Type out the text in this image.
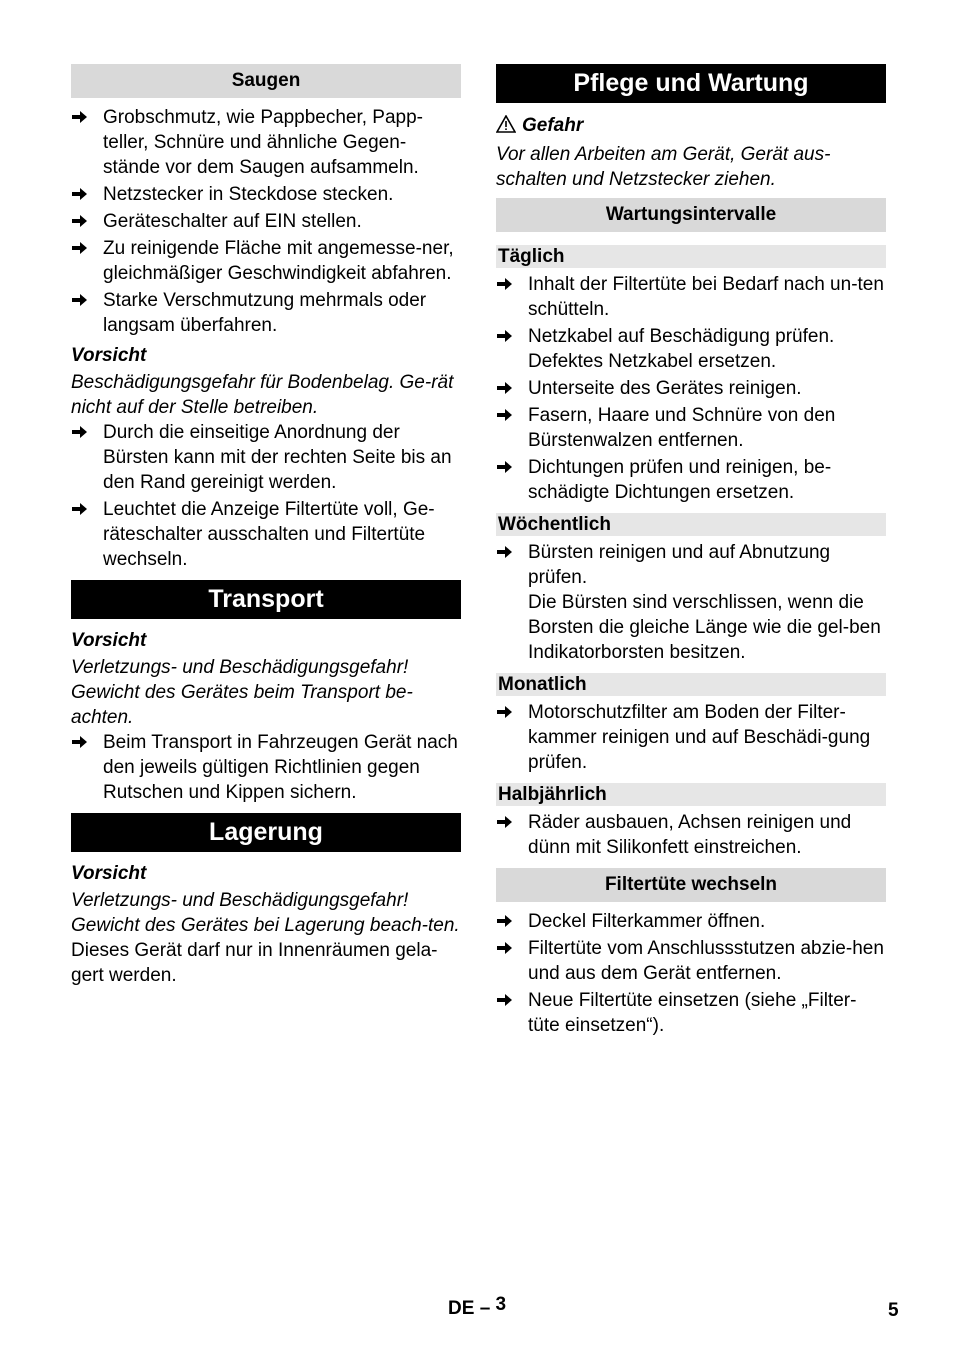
Saugen
Grobschmutz, wie Pappbecher, Papp-teller, Schnüre und ähnliche Gegen-stände vor dem Saugen aufsammeln.
Netzstecker in Steckdose stecken.
Geräteschalter auf EIN stellen.
Zu reinigende Fläche mit angemesse-ner, gleichmäßiger Geschwindigkeit abfahren.
Starke Verschmutzung mehrmals oder langsam überfahren.
Vorsicht
Beschädigungsgefahr für Bodenbelag. Ge-rät nicht auf der Stelle betreiben.
Durch die einseitige Anordnung der Bürsten kann mit der rechten Seite bis an den Rand gereinigt werden.
Leuchtet die Anzeige Filtertüte voll, Ge-räteschalter ausschalten und Filtertüte wechseln.
Transport
Vorsicht
Verletzungs- und Beschädigungsgefahr! Gewicht des Gerätes beim Transport be-achten.
Beim Transport in Fahrzeugen Gerät nach den jeweils gültigen Richtlinien gegen Rutschen und Kippen sichern.
Lagerung
Vorsicht
Verletzungs- und Beschädigungsgefahr! Gewicht des Gerätes bei Lagerung beach-ten.
Dieses Gerät darf nur in Innenräumen gela-gert werden.
Pflege und Wartung
Gefahr
Vor allen Arbeiten am Gerät, Gerät aus-schalten und Netzstecker ziehen.
Wartungsintervalle
Täglich
Inhalt der Filtertüte bei Bedarf nach un-ten schütteln.
Netzkabel auf Beschädigung prüfen. Defektes Netzkabel ersetzen.
Unterseite des Gerätes reinigen.
Fasern, Haare und Schnüre von den Bürstenwalzen entfernen.
Dichtungen prüfen und reinigen, be-schädigte Dichtungen ersetzen.
Wöchentlich
Bürsten reinigen und auf Abnutzung prüfen.
Die Bürsten sind verschlissen, wenn die Borsten die gleiche Länge wie die gel-ben Indikatorborsten besitzen.
Monatlich
Motorschutzfilter am Boden der Filter-kammer reinigen und auf Beschädi-gung prüfen.
Halbjährlich
Räder ausbauen, Achsen reinigen und dünn mit Silikonfett einstreichen.
Filtertüte wechseln
Deckel Filterkammer öffnen.
Filtertüte vom Anschlussstutzen abzie-hen und aus dem Gerät entfernen.
Neue Filtertüte einsetzen (siehe „Filter-tüte einsetzen“).
DE – 3	5
